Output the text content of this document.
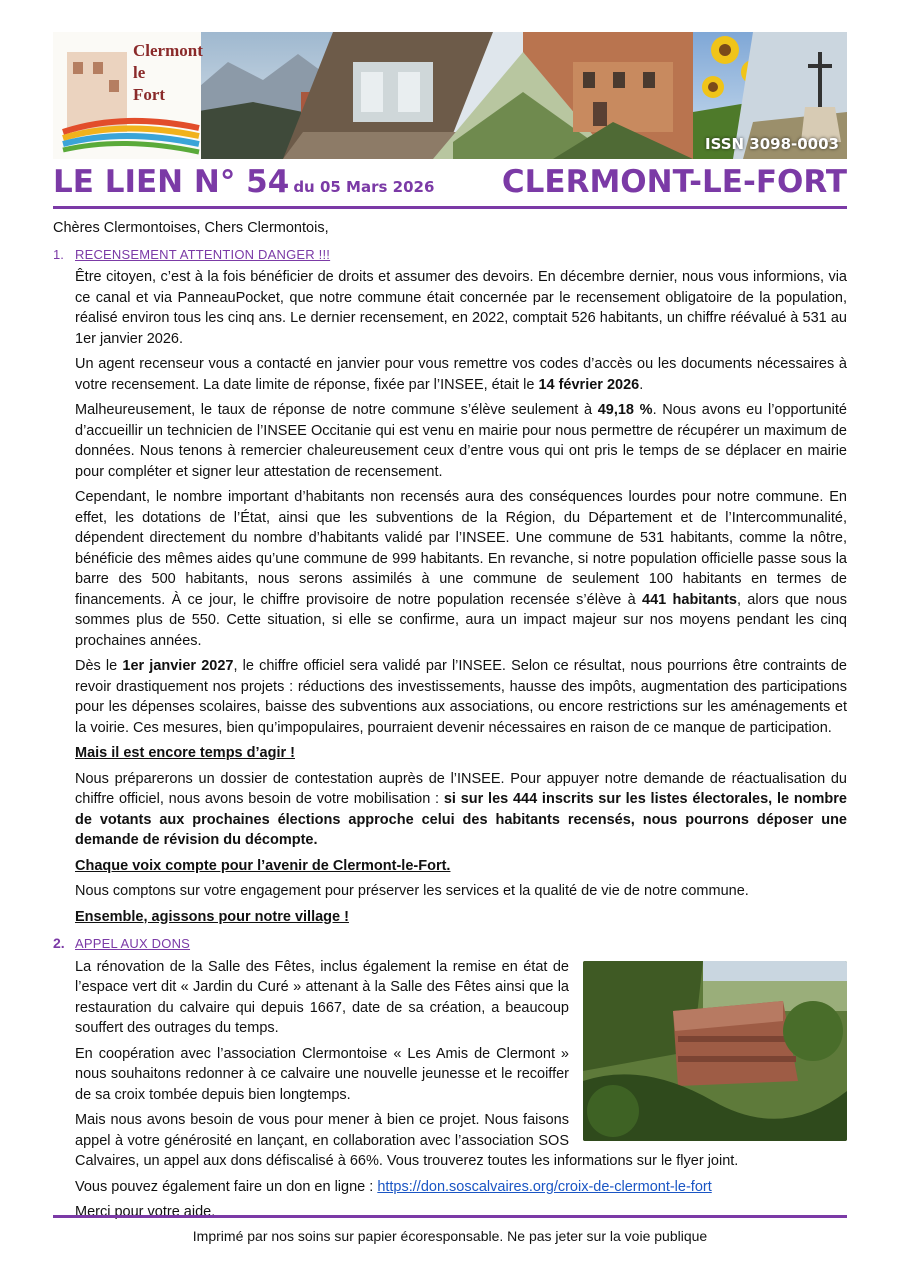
Clermont
le
Fort
ISSN 3098-0003
LE LIEN N° 54 du 05 Mars 2026 CLERMONT-LE-FORT

Chères Clermontoises, Chers Clermontois,

1. RECENSEMENT ATTENTION DANGER !!!

Être citoyen, c’est à la fois bénéficier de droits et assumer des devoirs. En décembre dernier, nous vous informions, via ce canal et via PanneauPocket, que notre commune était concernée par le recensement obligatoire de la population, réalisé environ tous les cinq ans. Le dernier recensement, en 2022, comptait 526 habitants, un chiffre réévalué à 531 au 1er janvier 2026.

Un agent recenseur vous a contacté en janvier pour vous remettre vos codes d’accès ou les documents nécessaires à votre recensement. La date limite de réponse, fixée par l’INSEE, était le 14 février 2026.

Malheureusement, le taux de réponse de notre commune s’élève seulement à 49,18 %. Nous avons eu l’opportunité d’accueillir un technicien de l’INSEE Occitanie qui est venu en mairie pour nous permettre de récupérer un maximum de données. Nous tenons à remercier chaleureusement ceux d’entre vous qui ont pris le temps de se déplacer en mairie pour compléter et signer leur attestation de recensement.

Cependant, le nombre important d’habitants non recensés aura des conséquences lourdes pour notre commune. En effet, les dotations de l’État, ainsi que les subventions de la Région, du Département et de l’Intercommunalité, dépendent directement du nombre d’habitants validé par l’INSEE. Une commune de 531 habitants, comme la nôtre, bénéficie des mêmes aides qu’une commune de 999 habitants. En revanche, si notre population officielle passe sous la barre des 500 habitants, nous serons assimilés à une commune de seulement 100 habitants en termes de financements. À ce jour, le chiffre provisoire de notre population recensée s’élève à 441 habitants, alors que nous sommes plus de 550. Cette situation, si elle se confirme, aura un impact majeur sur nos moyens pendant les cinq prochaines années.

Dès le 1er janvier 2027, le chiffre officiel sera validé par l’INSEE. Selon ce résultat, nous pourrions être contraints de revoir drastiquement nos projets : réductions des investissements, hausse des impôts, augmentation des participations pour les dépenses scolaires, baisse des subventions aux associations, ou encore restrictions sur les aménagements et la voirie. Ces mesures, bien qu’impopulaires, pourraient devenir nécessaires en raison de ce manque de participation.

Mais il est encore temps d’agir !

Nous préparerons un dossier de contestation auprès de l’INSEE. Pour appuyer notre demande de réactualisation du chiffre officiel, nous avons besoin de votre mobilisation : si sur les 444 inscrits sur les listes électorales, le nombre de votants aux prochaines élections approche celui des habitants recensés, nous pourrons déposer une demande de révision du décompte.

Chaque voix compte pour l’avenir de Clermont-le-Fort.

Nous comptons sur votre engagement pour préserver les services et la qualité de vie de notre commune.

Ensemble, agissons pour notre village !

2. APPEL AUX DONS

La rénovation de la Salle des Fêtes, inclus également la remise en état de l’espace vert dit « Jardin du Curé » attenant à la Salle des Fêtes ainsi que la restauration du calvaire qui depuis 1667, date de sa création, a beaucoup souffert des outrages du temps.

En coopération avec l’association Clermontoise « Les Amis de Clermont » nous souhaitons redonner à ce calvaire une nouvelle jeunesse et le recoiffer de sa croix tombée depuis bien longtemps.

Mais nous avons besoin de vous pour mener à bien ce projet. Nous faisons appel à votre générosité en lançant, en collaboration avec l’association SOS Calvaires, un appel aux dons défiscalisé à 66%. Vous trouverez toutes les informations sur le flyer joint.

Vous pouvez également faire un don en ligne : https://don.soscalvaires.org/croix-de-clermont-le-fort

Merci pour votre aide.

Imprimé par nos soins sur papier écoresponsable. Ne pas jeter sur la voie publique
